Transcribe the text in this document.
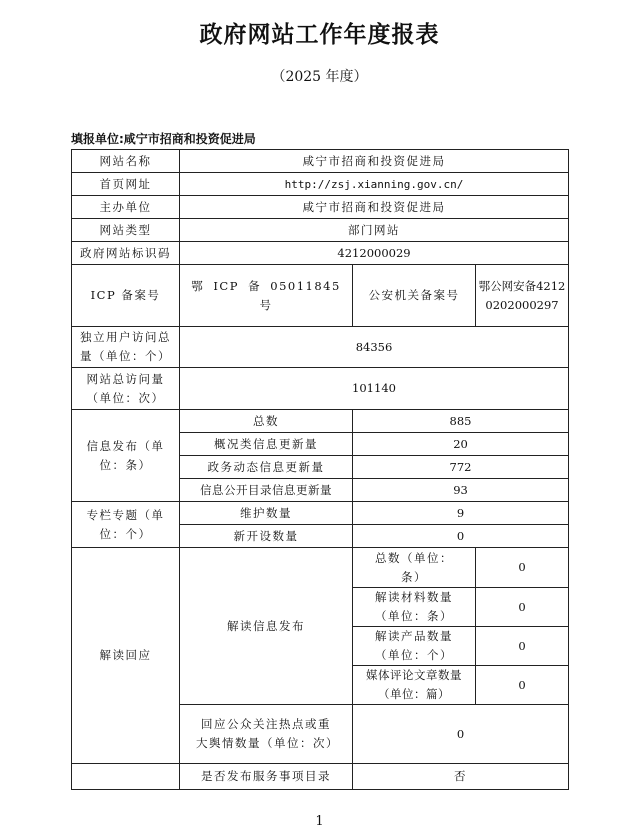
政府网站工作年度报表
（2025 年度）
填报单位:咸宁市招商和投资促进局
网站名称	咸宁市招商和投资促进局		
首页网址	http://zsj.xianning.gov.cn/		
主办单位	咸宁市招商和投资促进局		
网站类型	部门网站		
政府网站标识码	4212000029		
ICP 备案号	鄂 ICP 备 05011845 号	公安机关备案号	鄂公网安备42120202000297
独立用户访问总量（单位：个）	84356		
网站总访问量（单位：次）	101140		
信息发布（单位：条）	总数	885	
	概况类信息更新量	20	
	政务动态信息更新量	772	
	信息公开目录信息更新量	93	
专栏专题（单位：个）	维护数量	9	
	新开设数量	0	
解读回应	解读信息发布	总数（单位：条）	0
		解读材料数量（单位：条）	0
		解读产品数量（单位：个）	0
		媒体评论文章数量（单位：篇）	0
	回应公众关注热点或重大舆情数量（单位：次）	0	
	是否发布服务事项目录	否	
1
